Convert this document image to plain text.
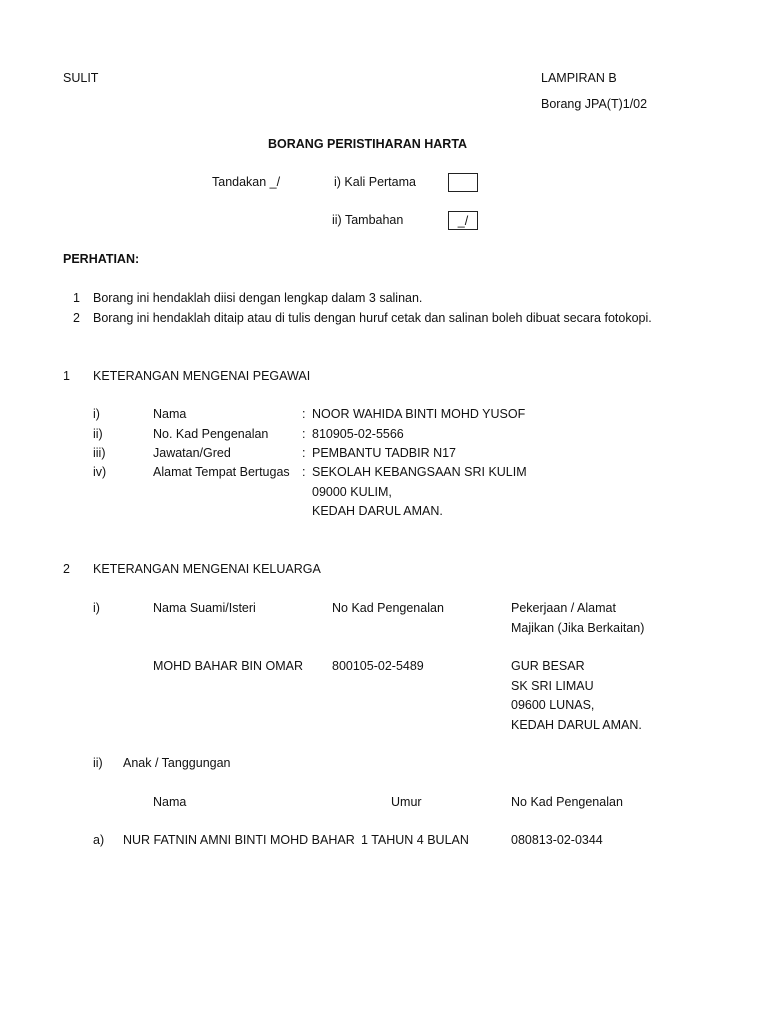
SULIT	LAMPIRAN B
Borang JPA(T)1/02
BORANG PERISTIHARAN HARTA
Tandakan _/	i) Kali Pertama
ii) Tambahan	_/
PERHATIAN:
1 Borang ini hendaklah diisi dengan lengkap dalam 3 salinan.
2 Borang ini hendaklah ditaip atau di tulis dengan huruf cetak dan salinan boleh dibuat secara fotokopi.
1 KETERANGAN MENGENAI PEGAWAI
i)	Nama	: NOOR WAHIDA BINTI MOHD YUSOF
ii)	No. Kad Pengenalan	: 810905-02-5566
iii)	Jawatan/Gred	: PEMBANTU TADBIR N17
iv)	Alamat Tempat Bertugas : SEKOLAH KEBANGSAAN SRI KULIM
09000 KULIM,
KEDAH DARUL AMAN.
2 KETERANGAN MENGENAI KELUARGA
i)	Nama Suami/Isteri	No Kad Pengenalan	Pekerjaan / Alamat
Majikan (Jika Berkaitan)
MOHD BAHAR BIN OMAR 800105-02-5489	GUR BESAR
SK SRI LIMAU
09600 LUNAS,
KEDAH DARUL AMAN.
ii) Anak / Tanggungan
Nama	Umur	No Kad Pengenalan
a) NUR FATNIN AMNI BINTI MOHD BAHAR 1 TAHUN 4 BULAN	080813-02-0344
